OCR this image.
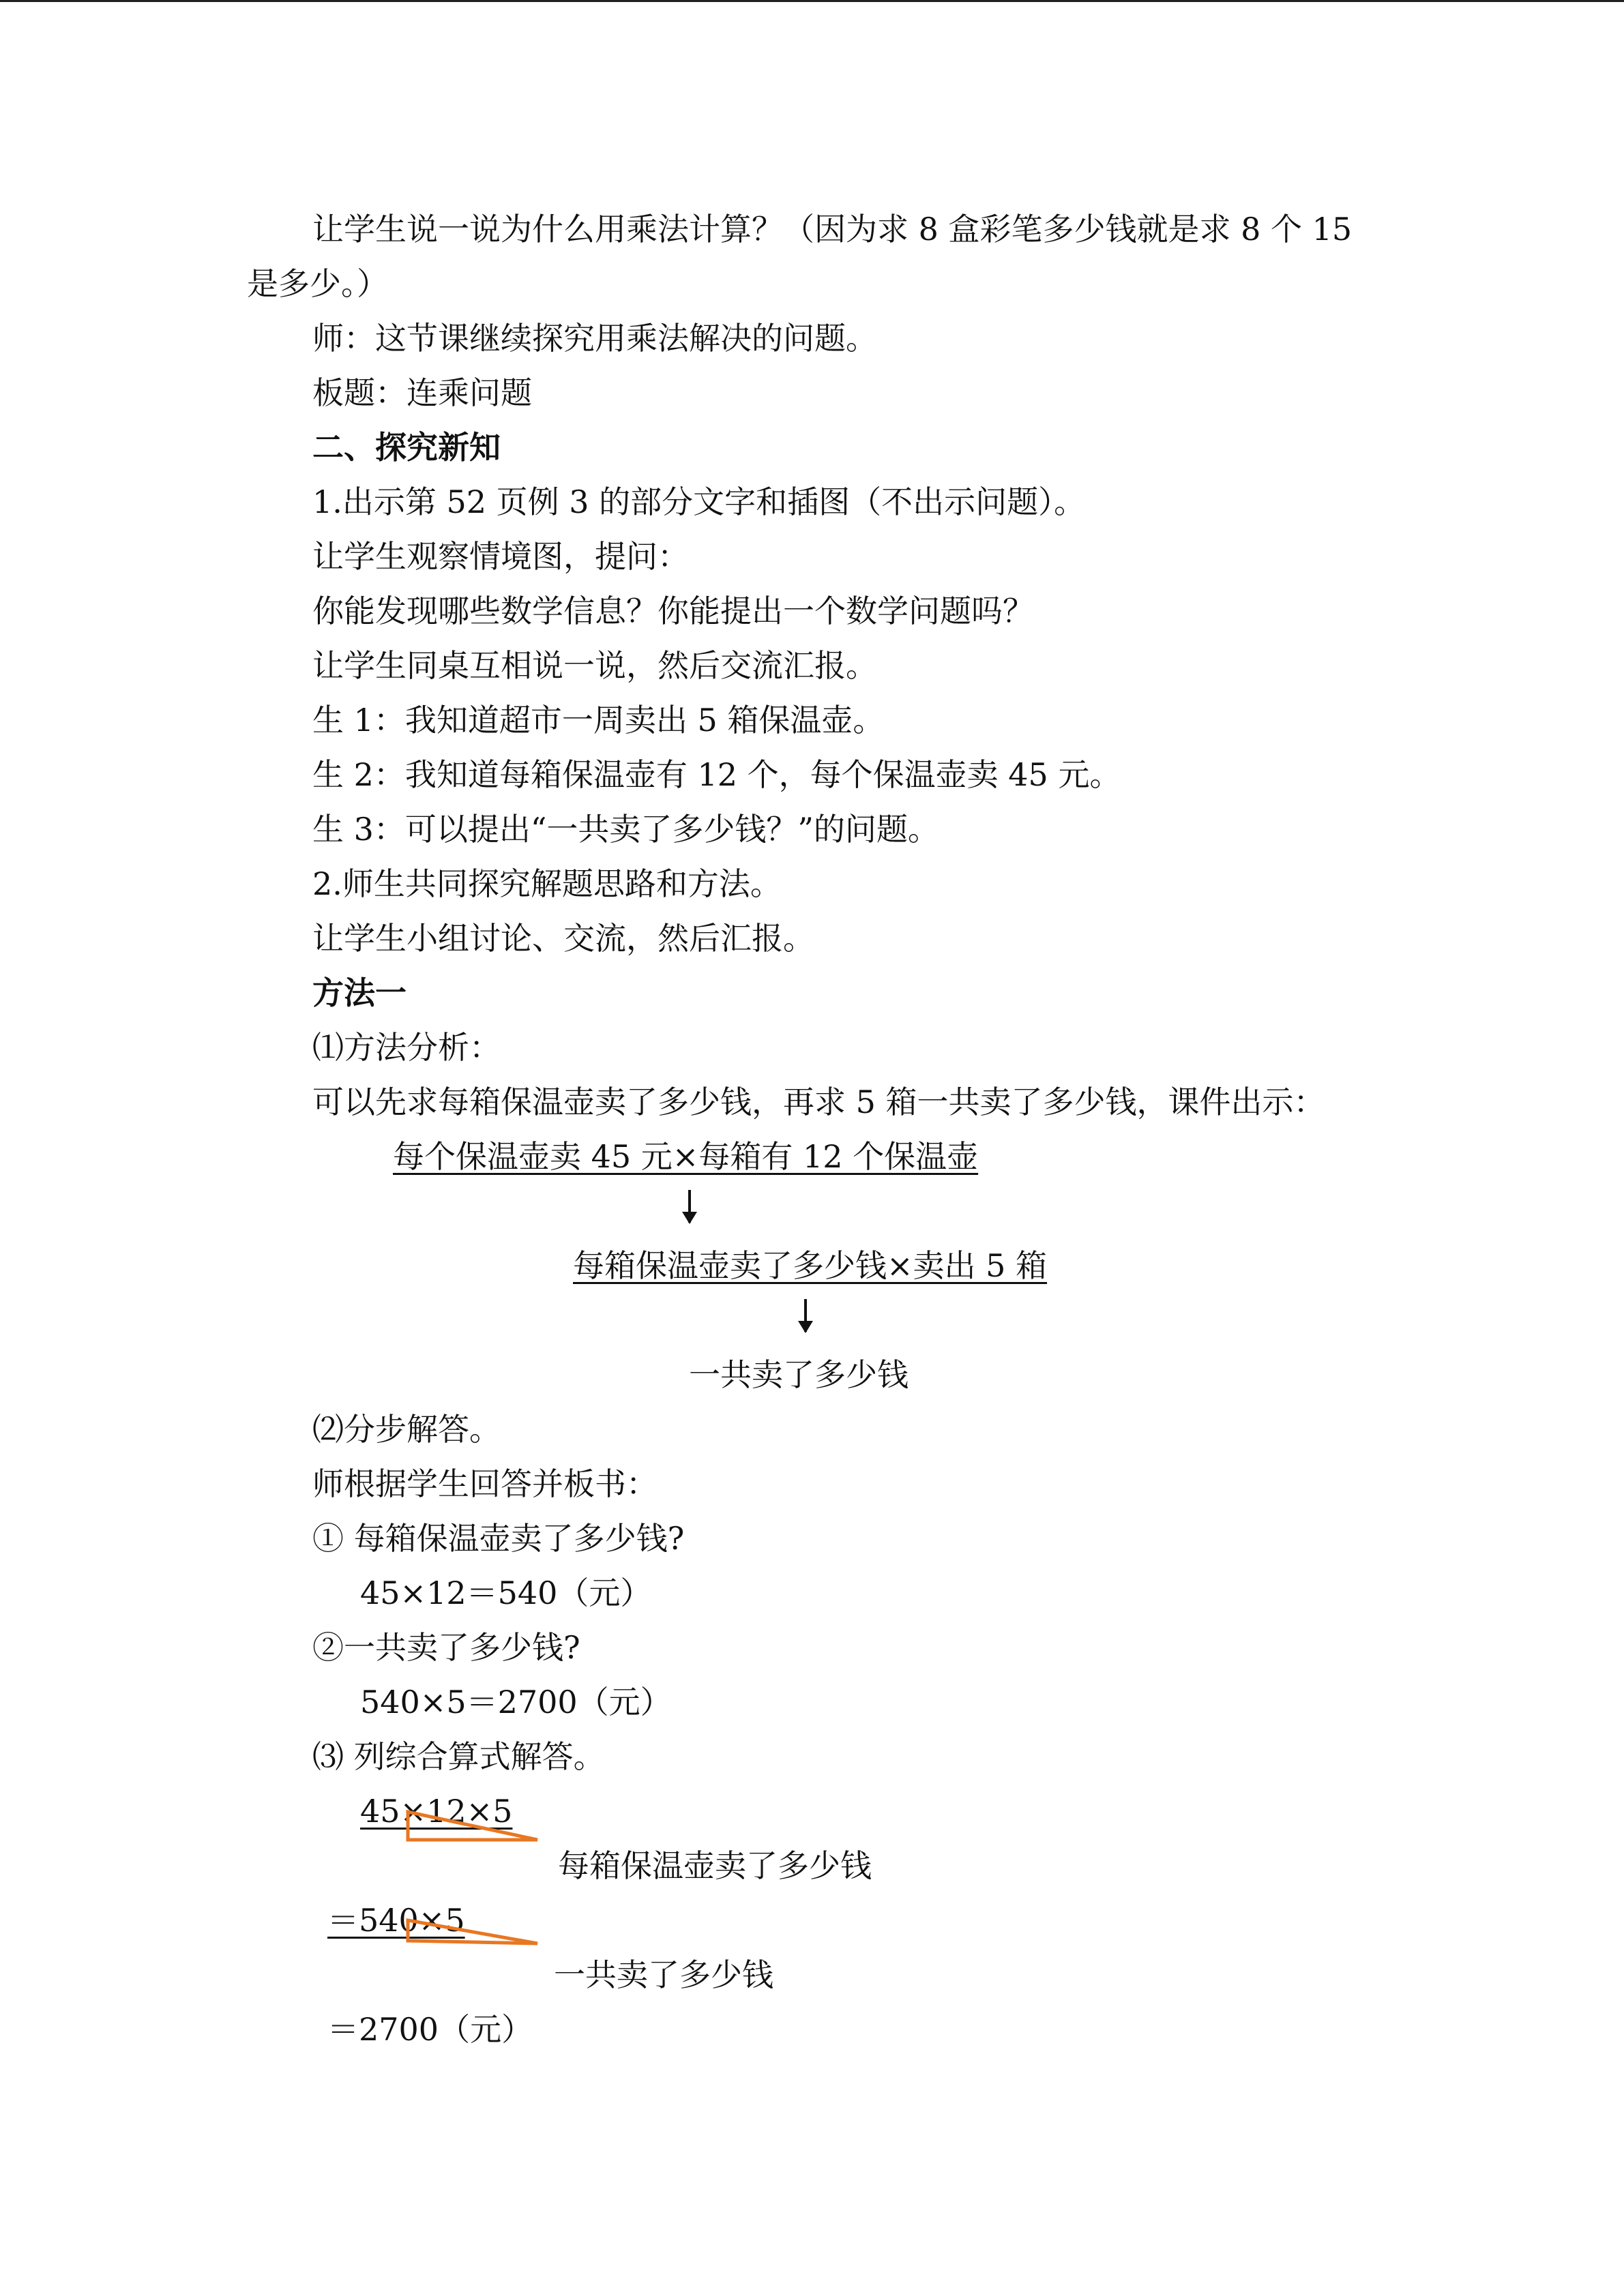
让学生说一说为什么用乘法计算？（因为求 8 盒彩笔多少钱就是求 8 个 15
是多少。）
师：这节课继续探究用乘法解决的问题。
板题：连乘问题
二、探究新知
1.出示第 52 页例 3 的部分文字和插图（不出示问题）。
让学生观察情境图，提问：
你能发现哪些数学信息？你能提出一个数学问题吗？
让学生同桌互相说一说，然后交流汇报。
生 1：我知道超市一周卖出 5 箱保温壶。
生 2：我知道每箱保温壶有 12 个，每个保温壶卖 45 元。
生 3：可以提出“一共卖了多少钱？”的问题。
2.师生共同探究解题思路和方法。
让学生小组讨论、交流，然后汇报。
方法一
⑴方法分析：
可以先求每箱保温壶卖了多少钱，再求 5 箱一共卖了多少钱，课件出示：
每个保温壶卖 45 元×每箱有 12 个保温壶
每箱保温壶卖了多少钱×卖出 5 箱
一共卖了多少钱
⑵分步解答。
师根据学生回答并板书：
① 每箱保温壶卖了多少钱?
45×12＝540（元）
②一共卖了多少钱?
540×5＝2700（元）
⑶ 列综合算式解答。
45×12×5
每箱保温壶卖了多少钱
＝540×5
一共卖了多少钱
＝2700（元）
